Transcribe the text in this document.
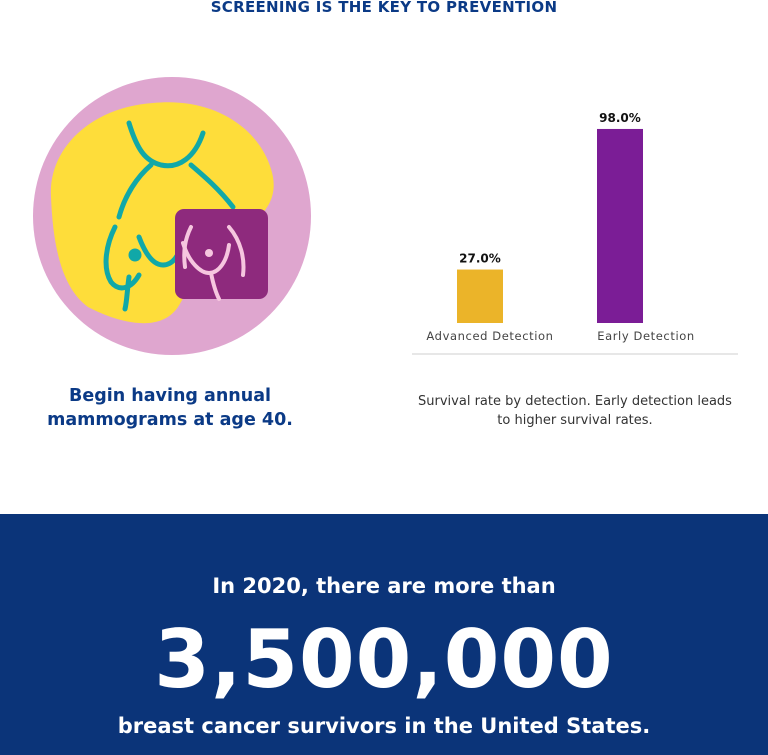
SCREENING IS THE KEY TO PREVENTION
Begin having annual mammograms at age 40.
27.0%
Advanced Detection
98.0%
Early Detection
Survival rate by detection. Early detection leads to higher survival rates.
In 2020, there are more than
3,500,000
breast cancer survivors in the United States.
